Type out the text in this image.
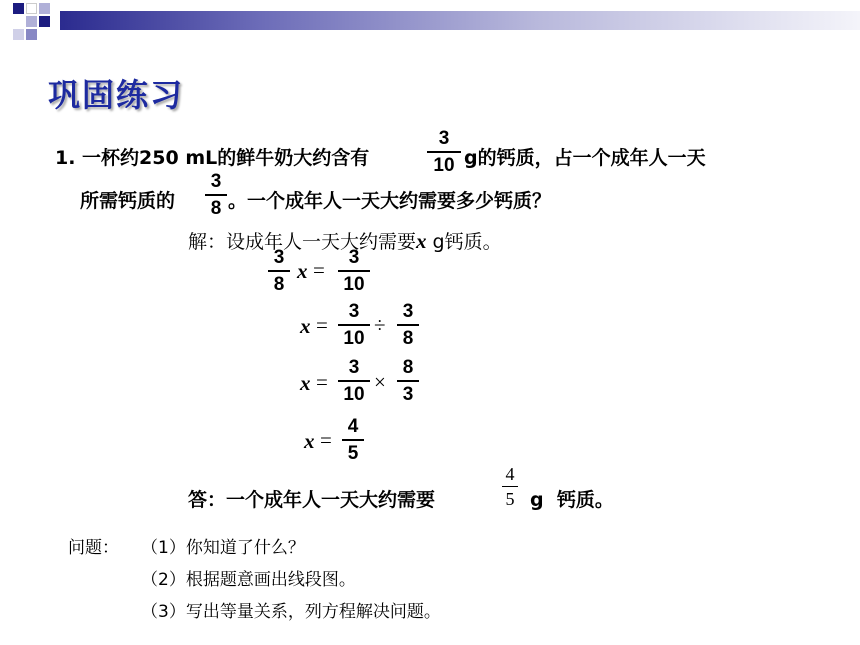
巩固练习
1. 一杯约250 mL的鲜牛奶大约含有
3
10 g的钙质，占一个成年人一天
所需钙质的
3
8 。一个成年人一天大约需要多少钙质？
解：设成年人一天大约需要x g钙质。
3
8
x =
3
10
x =
3
10
÷
3
8
x =
3
10
×
8
3
x =
4
5
答：一个成年人一天大约需要
4
5 g  钙质。
问题： （1）你知道了什么？
（2）根据题意画出线段图。
（3）写出等量关系，列方程解决问题。
